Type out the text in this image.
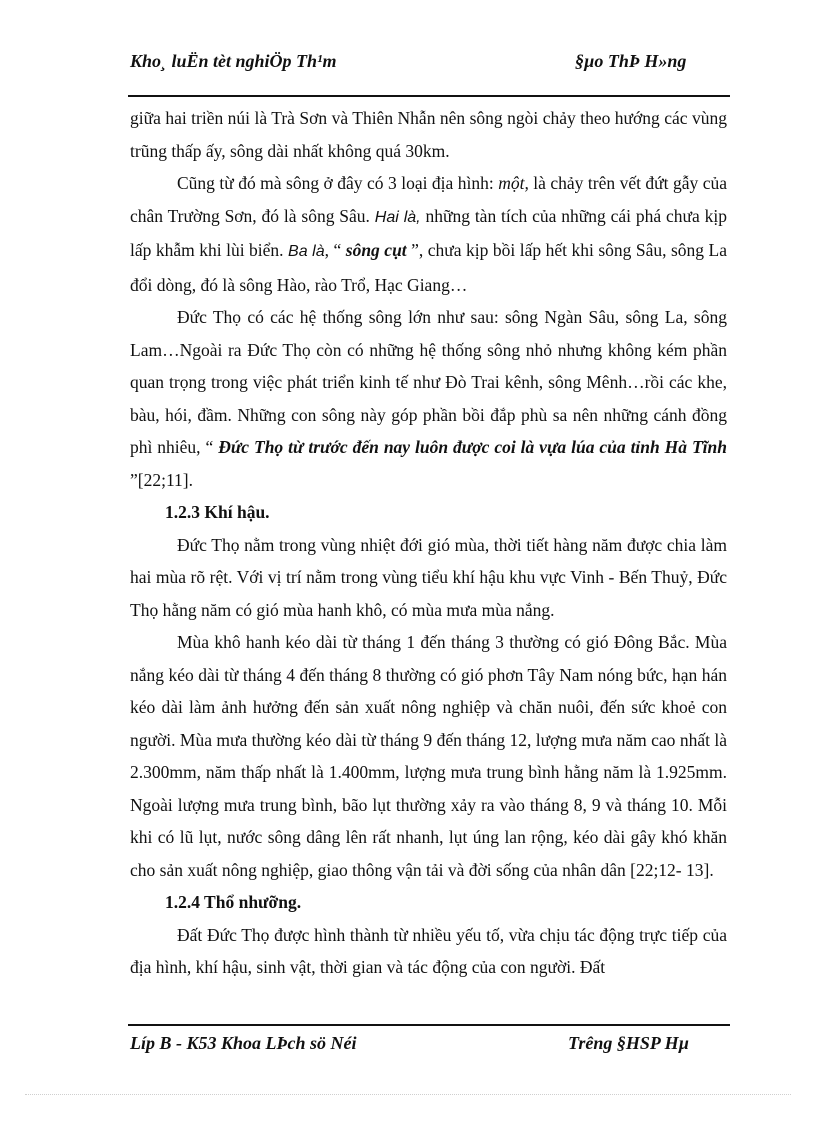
Kho¸ luËn tèt nghiÖp Th¹m	§µo ThÞ H»ng

giữa hai triền núi là Trà Sơn và Thiên Nhẫn nên sông ngòi chảy theo hướng các vùng trũng thấp ấy, sông dài nhất không quá 30km.

Cũng từ đó mà sông ở đây có 3 loại địa hình: một, là chảy trên vết đứt gẫy của chân Trường Sơn, đó là sông Sâu. Hai là, những tàn tích của những cái phá chưa kịp lấp khẫm khi lùi biển. Ba là, “ sông cụt ”, chưa kịp bồi lấp hết khi sông Sâu, sông La đổi dòng, đó là sông Hào, rào Trổ, Hạc Giang…

Đức Thọ có các hệ thống sông lớn như sau: sông Ngàn Sâu, sông La, sông Lam…Ngoài ra Đức Thọ còn có những hệ thống sông nhỏ nhưng không kém phần quan trọng trong việc phát triển kinh tế như Đò Trai kênh, sông Mênh…rồi các khe, bàu, hói, đầm. Những con sông này góp phần bồi đắp phù sa nên những cánh đồng phì nhiêu, “ Đức Thọ từ trước đến nay luôn được coi là vựa lúa của tỉnh Hà Tĩnh ”[22;11].

1.2.3 Khí hậu.

Đức Thọ nằm trong vùng nhiệt đới gió mùa, thời tiết hàng năm được chia làm hai mùa rõ rệt. Với vị trí nằm trong vùng tiểu khí hậu khu vực Vinh - Bến Thuỷ, Đức Thọ hằng năm có gió mùa hanh khô, có mùa mưa mùa nắng.

Mùa khô hanh kéo dài từ tháng 1 đến tháng 3 thường có gió Đông Bắc. Mùa nắng kéo dài từ tháng 4 đến tháng 8 thường có gió phơn Tây Nam nóng bức, hạn hán kéo dài làm ảnh hưởng đến sản xuất nông nghiệp và chăn nuôi, đến sức khoẻ con người. Mùa mưa thường kéo dài từ tháng 9 đến tháng 12, lượng mưa năm cao nhất là 2.300mm, năm thấp nhất là 1.400mm, lượng mưa trung bình hằng năm là 1.925mm. Ngoài lượng mưa trung bình, bão lụt thường xảy ra vào tháng 8, 9 và tháng 10. Mỗi khi có lũ lụt, nước sông dâng lên rất nhanh, lụt úng lan rộng, kéo dài gây khó khăn cho sản xuất nông nghiệp, giao thông vận tải và đời sống của nhân dân [22;12- 13].

1.2.4 Thổ nhưỡng.

Đất Đức Thọ được hình thành từ nhiều yếu tố, vừa chịu tác động trực tiếp của địa hình, khí hậu, sinh vật, thời gian và tác động của con người. Đất

Líp B - K53 Khoa LÞch sö Néi	Trêng §HSP Hµ
